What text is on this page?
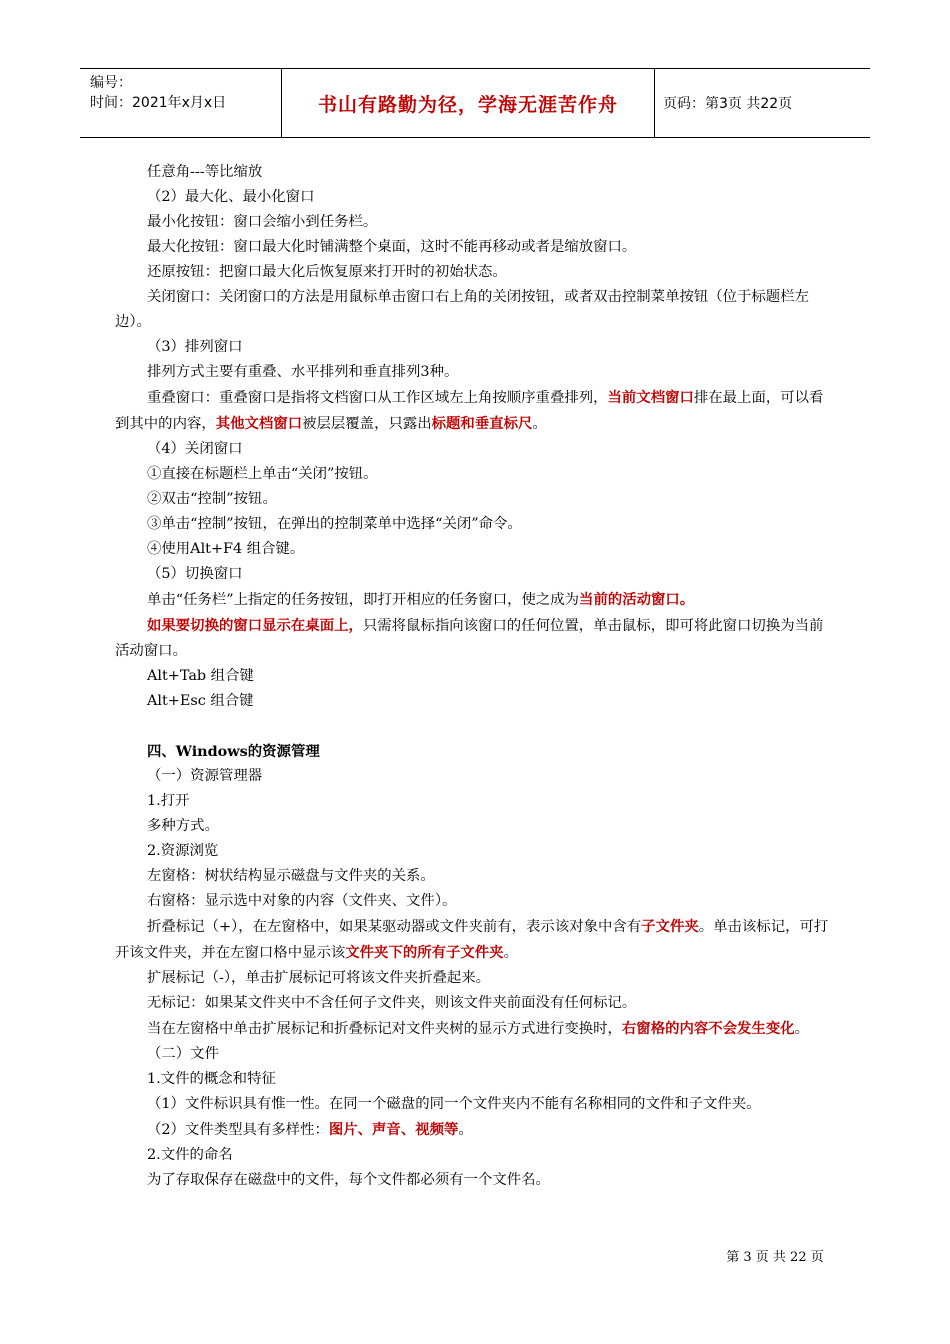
编号：
时间：2021年x月x日	书山有路勤为径，学海无涯苦作舟	页码：第3页 共22页

任意角---等比缩放

（2）最大化、最小化窗口

最小化按钮：窗口会缩小到任务栏。

最大化按钮：窗口最大化时铺满整个桌面，这时不能再移动或者是缩放窗口。

还原按钮：把窗口最大化后恢复原来打开时的初始状态。

关闭窗口：关闭窗口的方法是用鼠标单击窗口右上角的关闭按钮，或者双击控制菜单按钮（位于标题栏左边）。

（3）排列窗口

排列方式主要有重叠、水平排列和垂直排列3种。

重叠窗口：重叠窗口是指将文档窗口从工作区域左上角按顺序重叠排列，当前文档窗口排在最上面，可以看到其中的内容，其他文档窗口被层层覆盖，只露出标题和垂直标尺。

（4）关闭窗口

①直接在标题栏上单击“关闭”按钮。

②双击“控制”按钮。

③单击“控制”按钮，在弹出的控制菜单中选择“关闭”命令。

④使用Alt+F4 组合键。

（5）切换窗口

单击“任务栏”上指定的任务按钮，即打开相应的任务窗口，使之成为当前的活动窗口。

如果要切换的窗口显示在桌面上，只需将鼠标指向该窗口的任何位置，单击鼠标，即可将此窗口切换为当前活动窗口。

Alt+Tab 组合键

Alt+Esc 组合键

四、Windows的资源管理

（一）资源管理器

1.打开

多种方式。

2.资源浏览

左窗格：树状结构显示磁盘与文件夹的关系。

右窗格：显示选中对象的内容（文件夹、文件）。

折叠标记（+），在左窗格中，如果某驱动器或文件夹前有，表示该对象中含有子文件夹。单击该标记，可打开该文件夹，并在左窗口格中显示该文件夹下的所有子文件夹。

扩展标记（-），单击扩展标记可将该文件夹折叠起来。

无标记：如果某文件夹中不含任何子文件夹，则该文件夹前面没有任何标记。

当在左窗格中单击扩展标记和折叠标记对文件夹树的显示方式进行变换时，右窗格的内容不会发生变化。

（二）文件

1.文件的概念和特征

（1）文件标识具有惟一性。在同一个磁盘的同一个文件夹内不能有名称相同的文件和子文件夹。

（2）文件类型具有多样性：图片、声音、视频等。

2.文件的命名

为了存取保存在磁盘中的文件，每个文件都必须有一个文件名。

第 3 页 共 22 页
